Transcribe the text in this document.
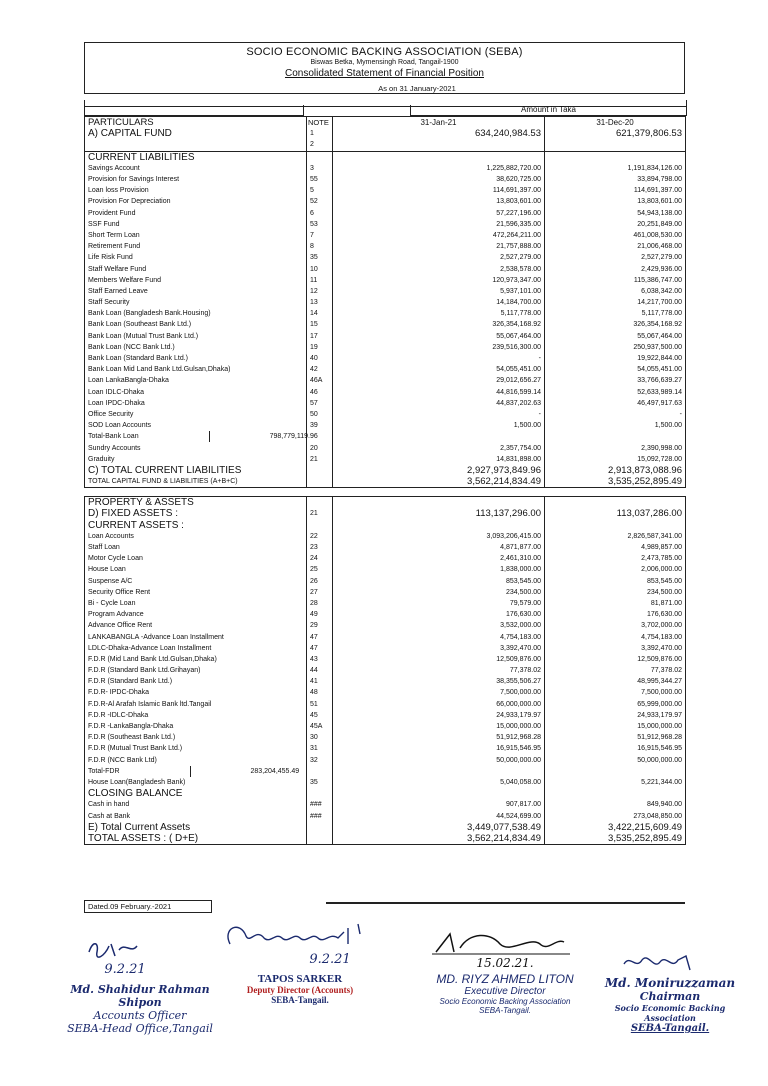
SOCIO ECONOMIC BACKING ASSOCIATION (SEBA)
Biswas Betka, Mymensingh Road, Tangail-1900
Consolidated Statement of Financial Position
As on 31 January-2021
Amount in Taka
PARTICULARS	NOTE	31-Jan-21	31-Dec-20
A) CAPITAL FUND	1	634,240,984.53	621,379,806.53
	2		
CURRENT LIABILITIES			
Savings Account	3	1,225,882,720.00	1,191,834,126.00
Provision for Savings Interest	55	38,620,725.00	33,894,798.00
Loan loss Provision	5	114,691,397.00	114,691,397.00
Provision For Depreciation	52	13,803,601.00	13,803,601.00
Provident Fund	6	57,227,196.00	54,943,138.00
SSF Fund	53	21,596,335.00	20,251,849.00
Short Term Loan	7	472,264,211.00	461,008,530.00
Retirement Fund	8	21,757,888.00	21,006,468.00
Life Risk Fund	35	2,527,279.00	2,527,279.00
Staff Welfare Fund	10	2,538,578.00	2,429,936.00
Members Welfare Fund	11	120,973,347.00	115,386,747.00
Staff Earned Leave	12	5,937,101.00	6,038,342.00
Staff Security	13	14,184,700.00	14,217,700.00
Bank Loan (Bangladesh Bank.Housing)	14	5,117,778.00	5,117,778.00
Bank Loan (Southeast Bank Ltd.)	15	326,354,168.92	326,354,168.92
Bank Loan (Mutual Trust Bank Ltd.)	17	55,067,464.00	55,067,464.00
Bank Loan (NCC Bank Ltd.)	19	239,516,300.00	250,937,500.00
Bank Loan (Standard Bank Ltd.)	40	-	19,922,844.00
Bank Loan Mid Land Bank Ltd.Gulsan,Dhaka)	42	54,055,451.00	54,055,451.00
Loan LankaBangla-Dhaka	46A	29,012,656.27	33,766,639.27
Loan IDLC-Dhaka	46	44,816,599.14	52,633,989.14
Loan IPDC-Dhaka	57	44,837,202.63	46,497,917.63
Office Security	50	-	-
SOD Loan Accounts	39	1,500.00	1,500.00
Total-Bank Loan 798,779,119.96			
Sundry Accounts	20	2,357,754.00	2,390,998.00
Graduity	21	14,831,898.00	15,092,728.00
C) TOTAL CURRENT LIABILITIES		2,927,973,849.96	2,913,873,088.96
TOTAL CAPITAL FUND & LIABILITIES (A+B+C)		3,562,214,834.49	3,535,252,895.49

PROPERTY & ASSETS			
D) FIXED ASSETS :	21	113,137,296.00	113,037,286.00
CURRENT ASSETS :			
Loan Accounts	22	3,093,206,415.00	2,826,587,341.00
Staff Loan	23	4,871,877.00	4,989,857.00
Motor Cycle Loan	24	2,461,310.00	2,473,785.00
House Loan	25	1,838,000.00	2,006,000.00
Suspense A/C	26	853,545.00	853,545.00
Security Office Rent	27	234,500.00	234,500.00
Bi - Cycle Loan	28	79,579.00	81,871.00
Program Advance	49	176,630.00	176,630.00
Advance Office Rent	29	3,532,000.00	3,702,000.00
LANKABANGLA -Advance Loan Installment	47	4,754,183.00	4,754,183.00
LDLC-Dhaka-Advance Loan Installment	47	3,392,470.00	3,392,470.00
F.D.R (Mid Land Bank Ltd.Gulsan,Dhaka)	43	12,509,876.00	12,509,876.00
F.D.R (Standard Bank Ltd.Grihayan)	44	77,378.02	77,378.02
F.D.R (Standard Bank Ltd.)	41	38,355,506.27	48,995,344.27
F.D.R- IPDC-Dhaka	48	7,500,000.00	7,500,000.00
F.D.R-Al Arafah Islamic Bank ltd.Tangail	51	66,000,000.00	65,999,000.00
F.D.R -IDLC-Dhaka	45	24,933,179.97	24,933,179.97
F.D.R -LankaBangla-Dhaka	45A	15,000,000.00	15,000,000.00
F.D.R (Southeast Bank Ltd.)	30	51,912,968.28	51,912,968.28
F.D.R (Mutual Trust Bank Ltd.)	31	16,915,546.95	16,915,546.95
F.D.R (NCC Bank Ltd)	32	50,000,000.00	50,000,000.00
Total-FDR 283,204,455.49			
House Loan(Bangladesh Bank)	35	5,040,058.00	5,221,344.00
CLOSING BALANCE			
Cash in hand	###	907,817.00	849,940.00
Cash at Bank	###	44,524,699.00	273,048,850.00
E) Total Current Assets		3,449,077,538.49	3,422,215,609.49
TOTAL ASSETS : ( D+E)		3,562,214,834.49	3,535,252,895.49
Dated.09 February.-2021
9.2.21
Md. Shahidur Rahman Shipon
Accounts Officer
SEBA-Head Office,Tangail
9.2.21
TAPOS SARKER
Deputy Director (Accounts)
SEBA-Tangail.
15.02.21.
MD. RIYZ AHMED LITON
Executive Director
Socio Economic Backing Association
SEBA-Tangail.
Md. Moniruzzaman
Chairman
Socio Economic Backing Association
SEBA-Tangail.
